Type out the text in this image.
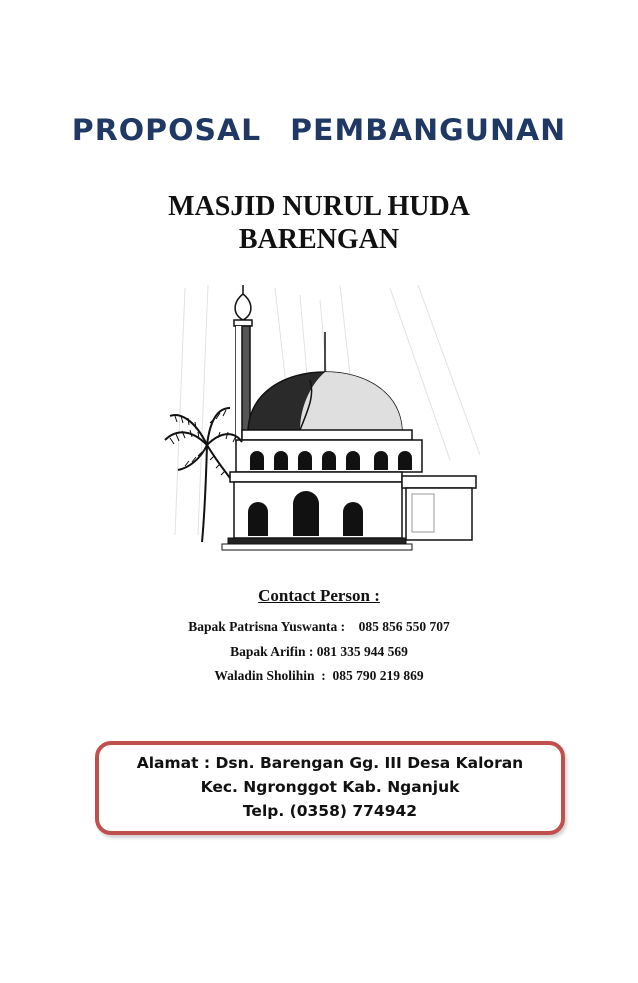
PROPOSAL PEMBANGUNAN
MASJID NURUL HUDA
BARENGAN
Contact Person :
Bapak Patrisna Yuswanta :    085 856 550 707
Bapak Arifin : 081 335 944 569
Waladin Sholihin  :  085 790 219 869
Alamat : Dsn. Barengan Gg. III Desa Kaloran
Kec. Ngronggot Kab. Nganjuk
Telp. (0358) 774942
